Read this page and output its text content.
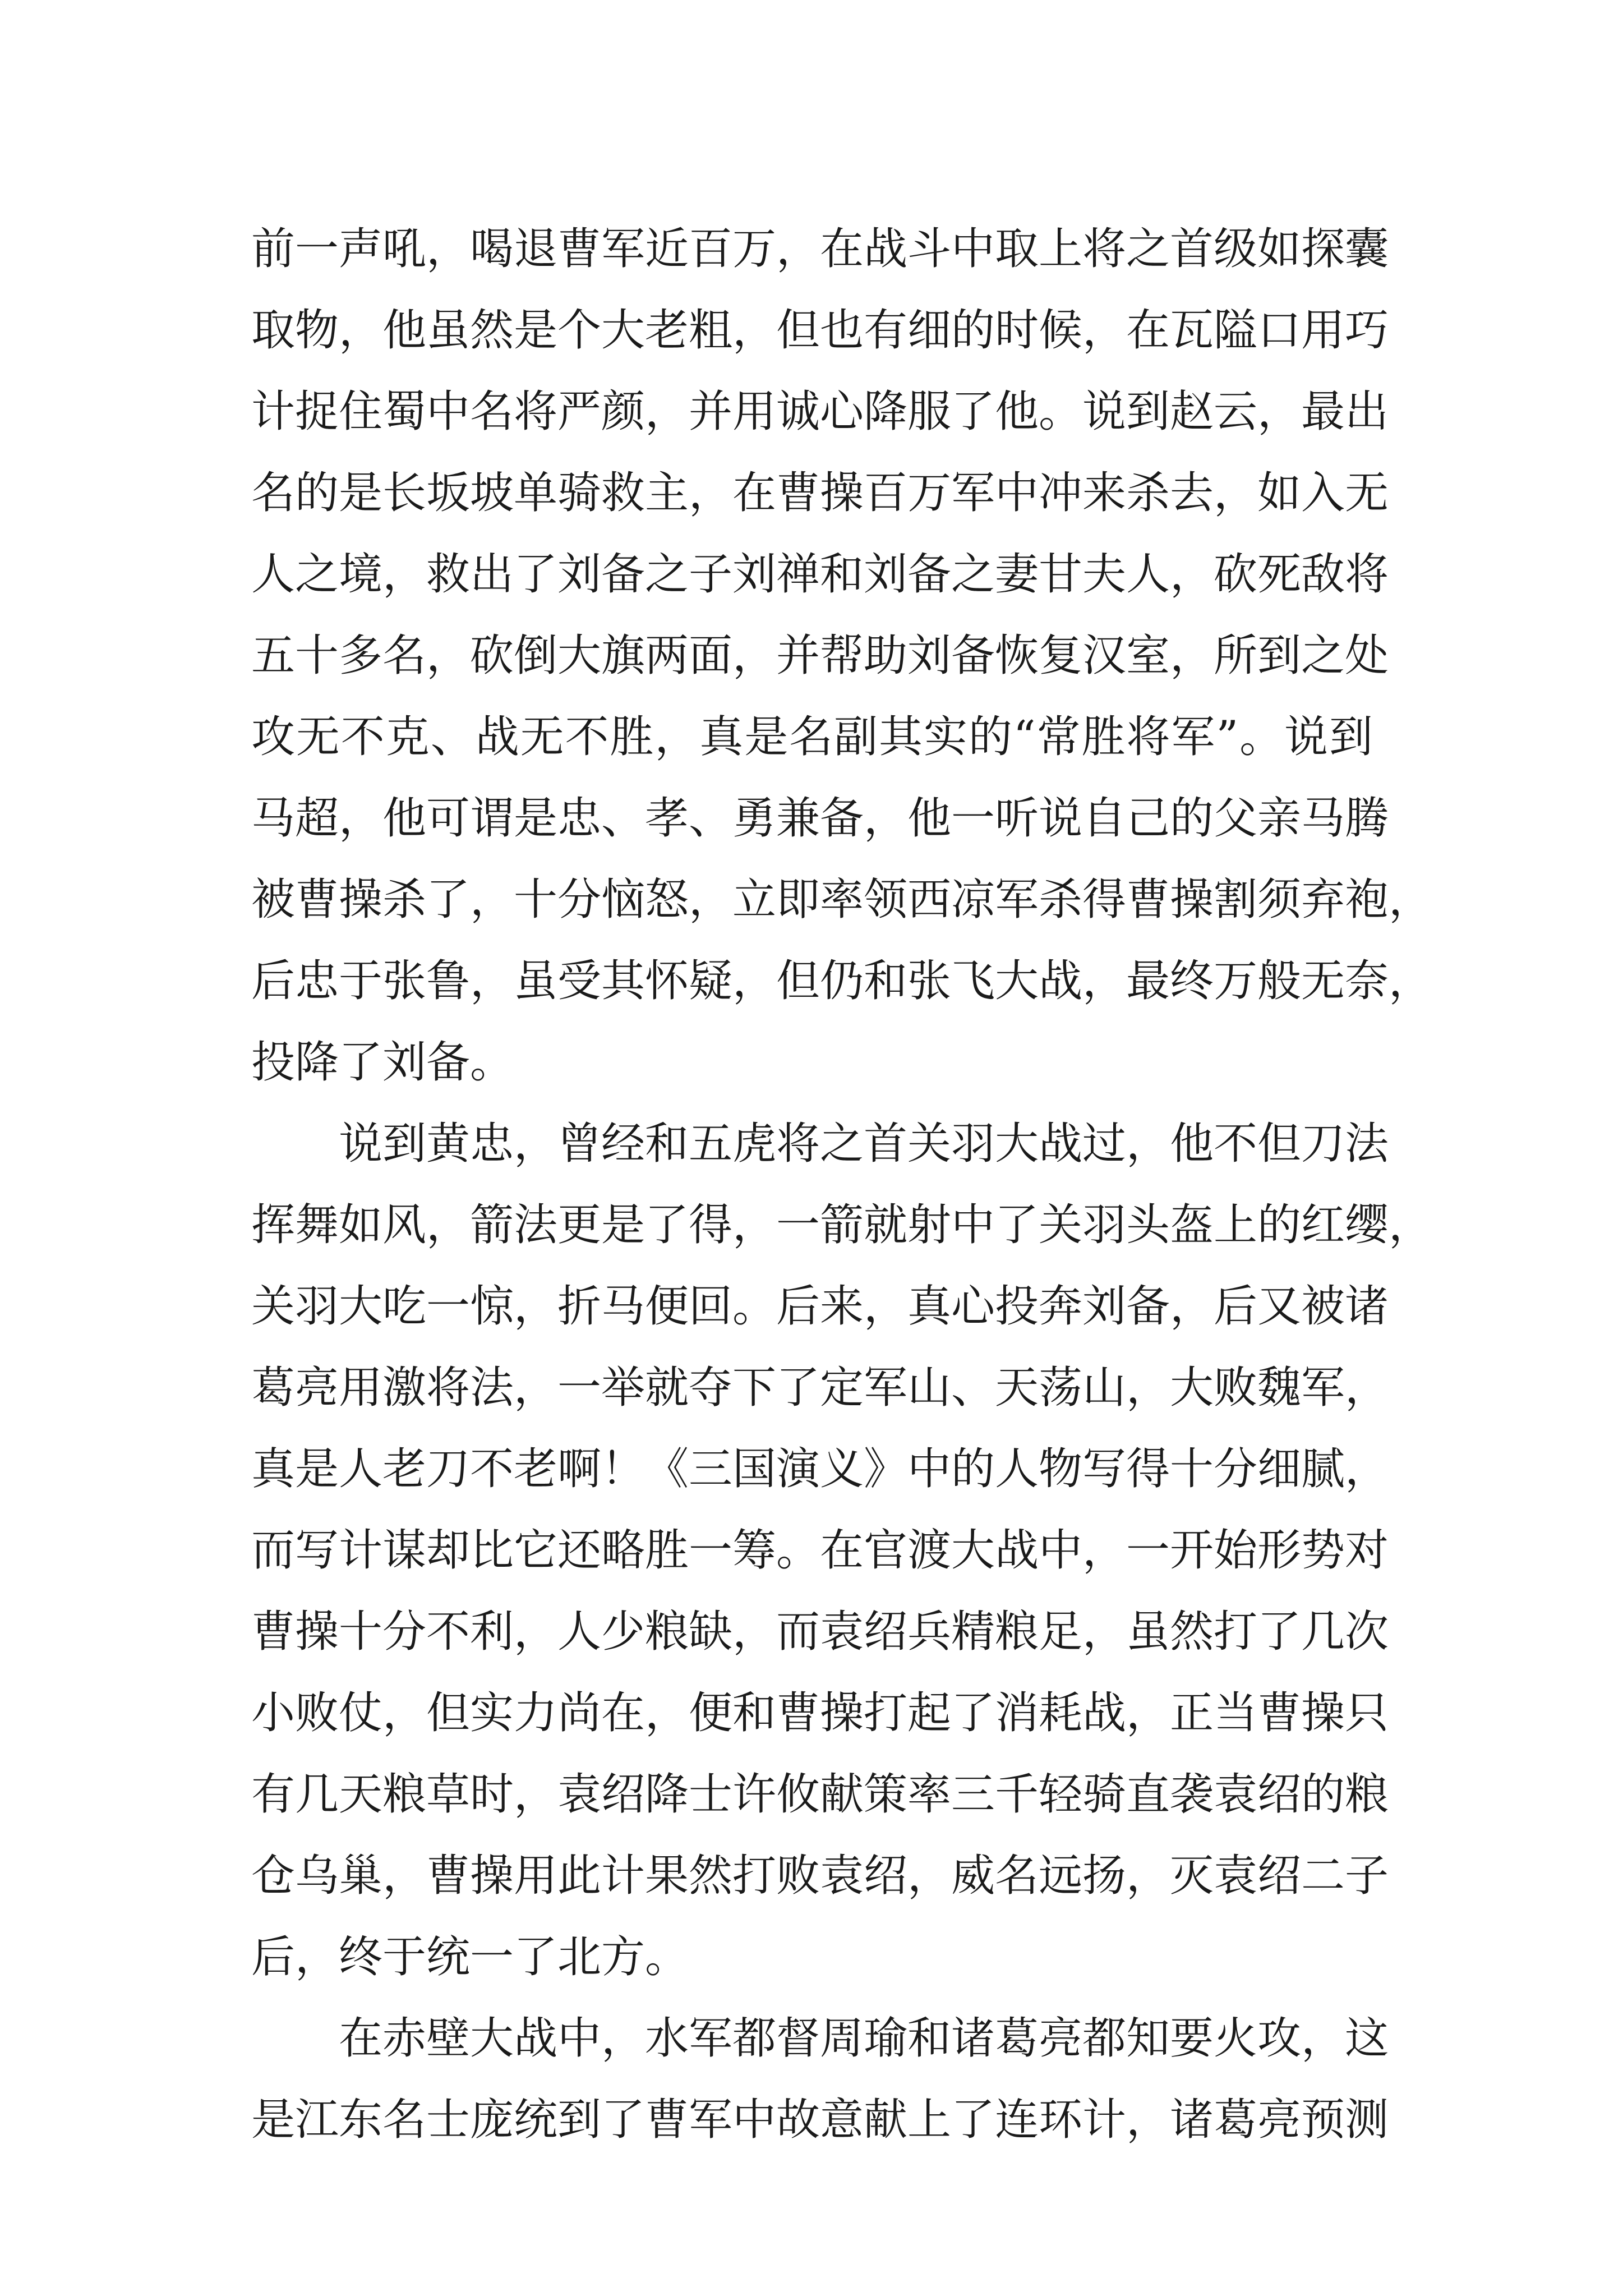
前一声吼，喝退曹军近百万，在战斗中取上将之首级如探囊
取物，他虽然是个大老粗，但也有细的时候，在瓦隘口用巧
计捉住蜀中名将严颜，并用诚心降服了他。说到赵云，最出
名的是长坂坡单骑救主，在曹操百万军中冲来杀去，如入无
人之境，救出了刘备之子刘禅和刘备之妻甘夫人，砍死敌将
五十多名，砍倒大旗两面，并帮助刘备恢复汉室，所到之处
攻无不克、战无不胜，真是名副其实的“常胜将军”。说到
马超，他可谓是忠、孝、勇兼备，他一听说自己的父亲马腾
被曹操杀了，十分恼怒，立即率领西凉军杀得曹操割须弃袍，
后忠于张鲁，虽受其怀疑，但仍和张飞大战，最终万般无奈，
投降了刘备。
说到黄忠，曾经和五虎将之首关羽大战过，他不但刀法
挥舞如风，箭法更是了得，一箭就射中了关羽头盔上的红缨，
关羽大吃一惊，折马便回。后来，真心投奔刘备，后又被诸
葛亮用激将法，一举就夺下了定军山、天荡山，大败魏军，
真是人老刀不老啊！《三国演义》中的人物写得十分细腻，
而写计谋却比它还略胜一筹。在官渡大战中，一开始形势对
曹操十分不利，人少粮缺，而袁绍兵精粮足，虽然打了几次
小败仗，但实力尚在，便和曹操打起了消耗战，正当曹操只
有几天粮草时，袁绍降士许攸献策率三千轻骑直袭袁绍的粮
仓乌巢，曹操用此计果然打败袁绍，威名远扬，灭袁绍二子
后，终于统一了北方。
在赤壁大战中，水军都督周瑜和诸葛亮都知要火攻，这
是江东名士庞统到了曹军中故意献上了连环计，诸葛亮预测
